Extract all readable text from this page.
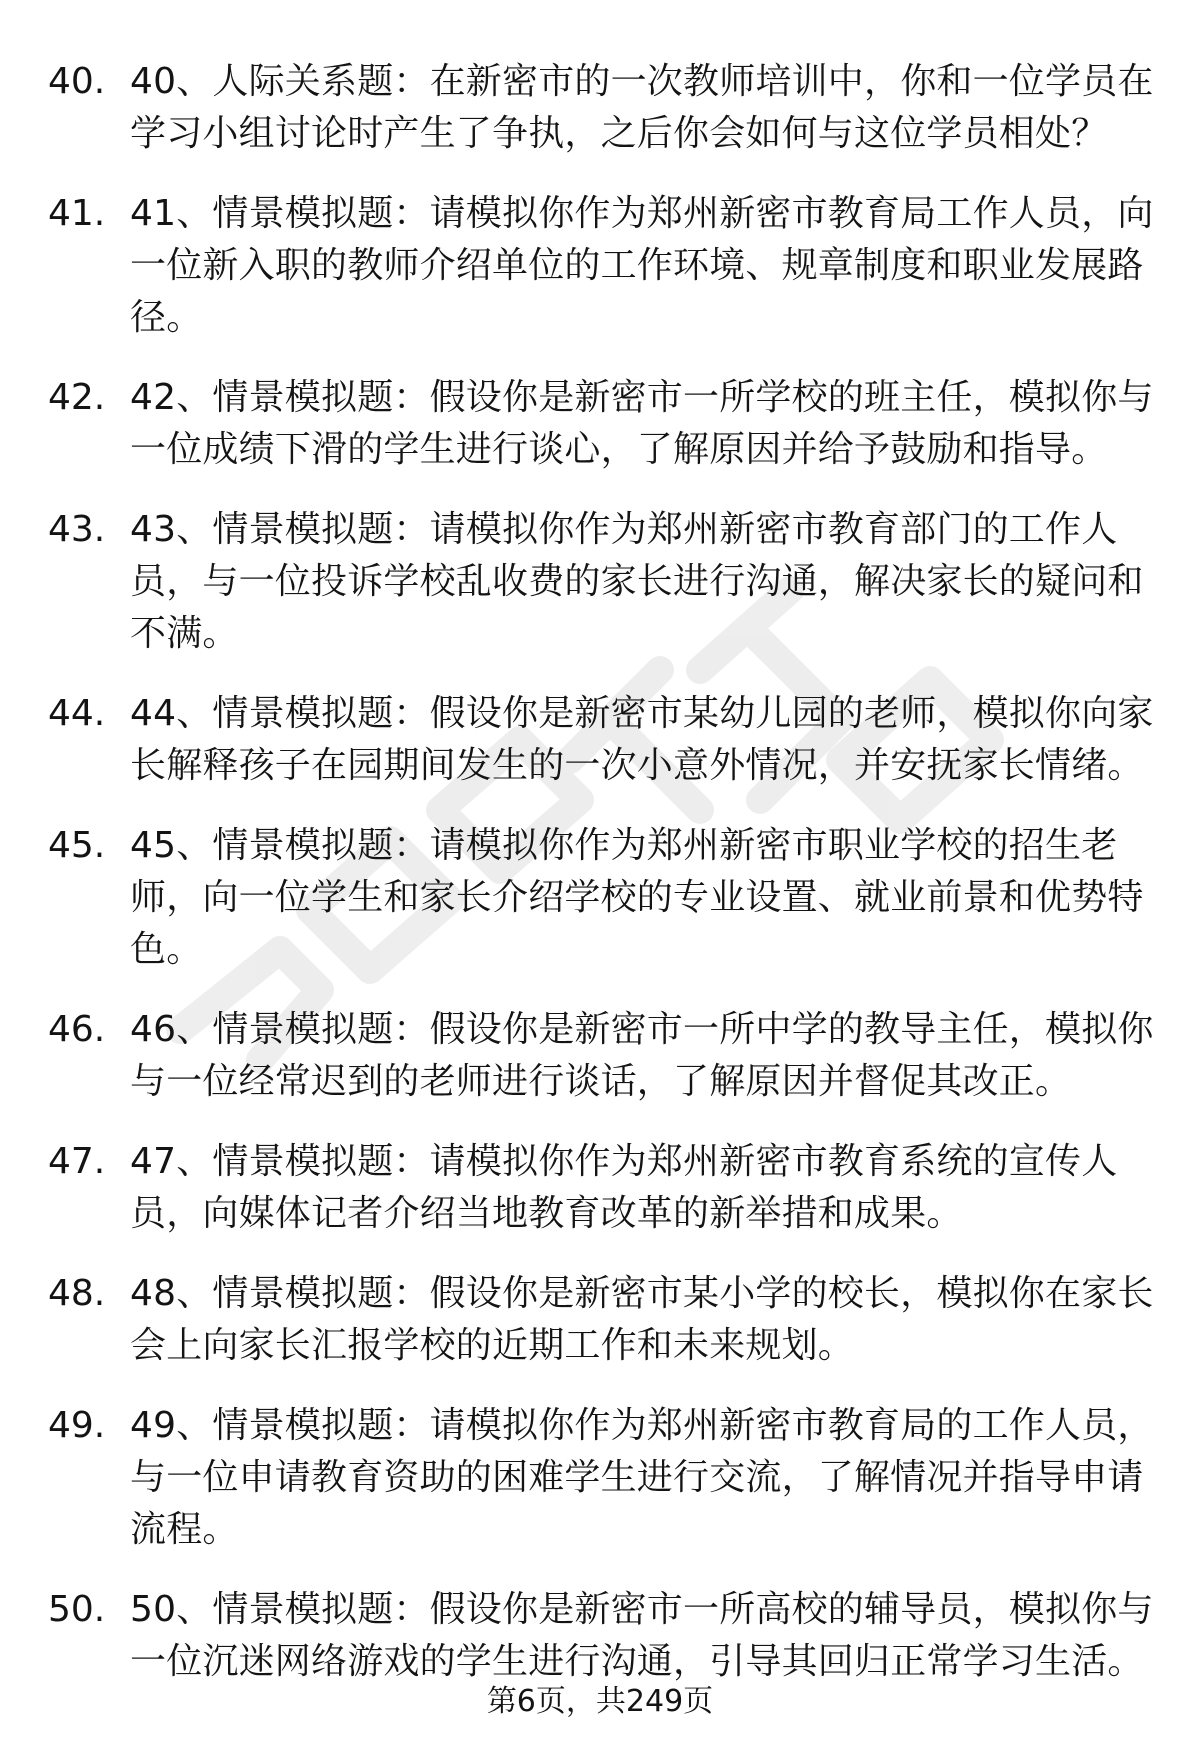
40. 40、人际关系题：在新密市的一次教师培训中，你和一位学员在学习小组讨论时产生了争执，之后你会如何与这位学员相处？
41. 41、情景模拟题：请模拟你作为郑州新密市教育局工作人员，向一位新入职的教师介绍单位的工作环境、规章制度和职业发展路径。
42. 42、情景模拟题：假设你是新密市一所学校的班主任，模拟你与一位成绩下滑的学生进行谈心，了解原因并给予鼓励和指导。
43. 43、情景模拟题：请模拟你作为郑州新密市教育部门的工作人员，与一位投诉学校乱收费的家长进行沟通，解决家长的疑问和不满。
44. 44、情景模拟题：假设你是新密市某幼儿园的老师，模拟你向家长解释孩子在园期间发生的一次小意外情况，并安抚家长情绪。
45. 45、情景模拟题：请模拟你作为郑州新密市职业学校的招生老师，向一位学生和家长介绍学校的专业设置、就业前景和优势特色。
46. 46、情景模拟题：假设你是新密市一所中学的教导主任，模拟你与一位经常迟到的老师进行谈话，了解原因并督促其改正。
47. 47、情景模拟题：请模拟你作为郑州新密市教育系统的宣传人员，向媒体记者介绍当地教育改革的新举措和成果。
48. 48、情景模拟题：假设你是新密市某小学的校长，模拟你在家长会上向家长汇报学校的近期工作和未来规划。
49. 49、情景模拟题：请模拟你作为郑州新密市教育局的工作人员，与一位申请教育资助的困难学生进行交流，了解情况并指导申请流程。
50. 50、情景模拟题：假设你是新密市一所高校的辅导员，模拟你与一位沉迷网络游戏的学生进行沟通，引导其回归正常学习生活。
第6页，共249页
